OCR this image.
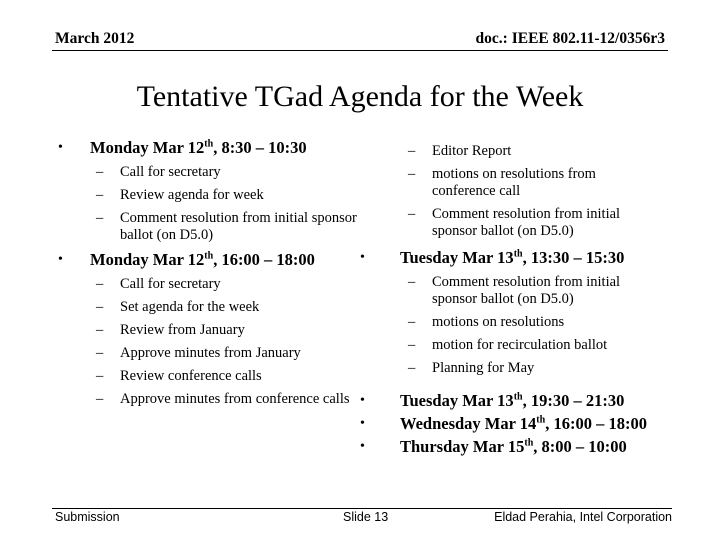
March 2012	doc.: IEEE 802.11-12/0356r3
Tentative TGad Agenda for the Week
• Monday Mar 12th, 8:30 – 10:30
– Call for secretary
– Review agenda for week
– Comment resolution from initial sponsor ballot (on D5.0)
• Monday Mar 12th, 16:00 – 18:00
– Call for secretary
– Set agenda for the week
– Review from January
– Approve minutes from January
– Review conference calls
– Approve minutes from conference calls
– Editor Report
– motions on resolutions from conference call
– Comment resolution from initial sponsor ballot (on D5.0)
• Tuesday Mar 13th, 13:30 – 15:30
– Comment resolution from initial sponsor ballot (on D5.0)
– motions on resolutions
– motion for recirculation ballot
– Planning for May
• Tuesday Mar 13th, 19:30 – 21:30
• Wednesday Mar 14th, 16:00 – 18:00
• Thursday Mar 15th, 8:00 – 10:00
Submission	Slide 13	Eldad Perahia, Intel Corporation
